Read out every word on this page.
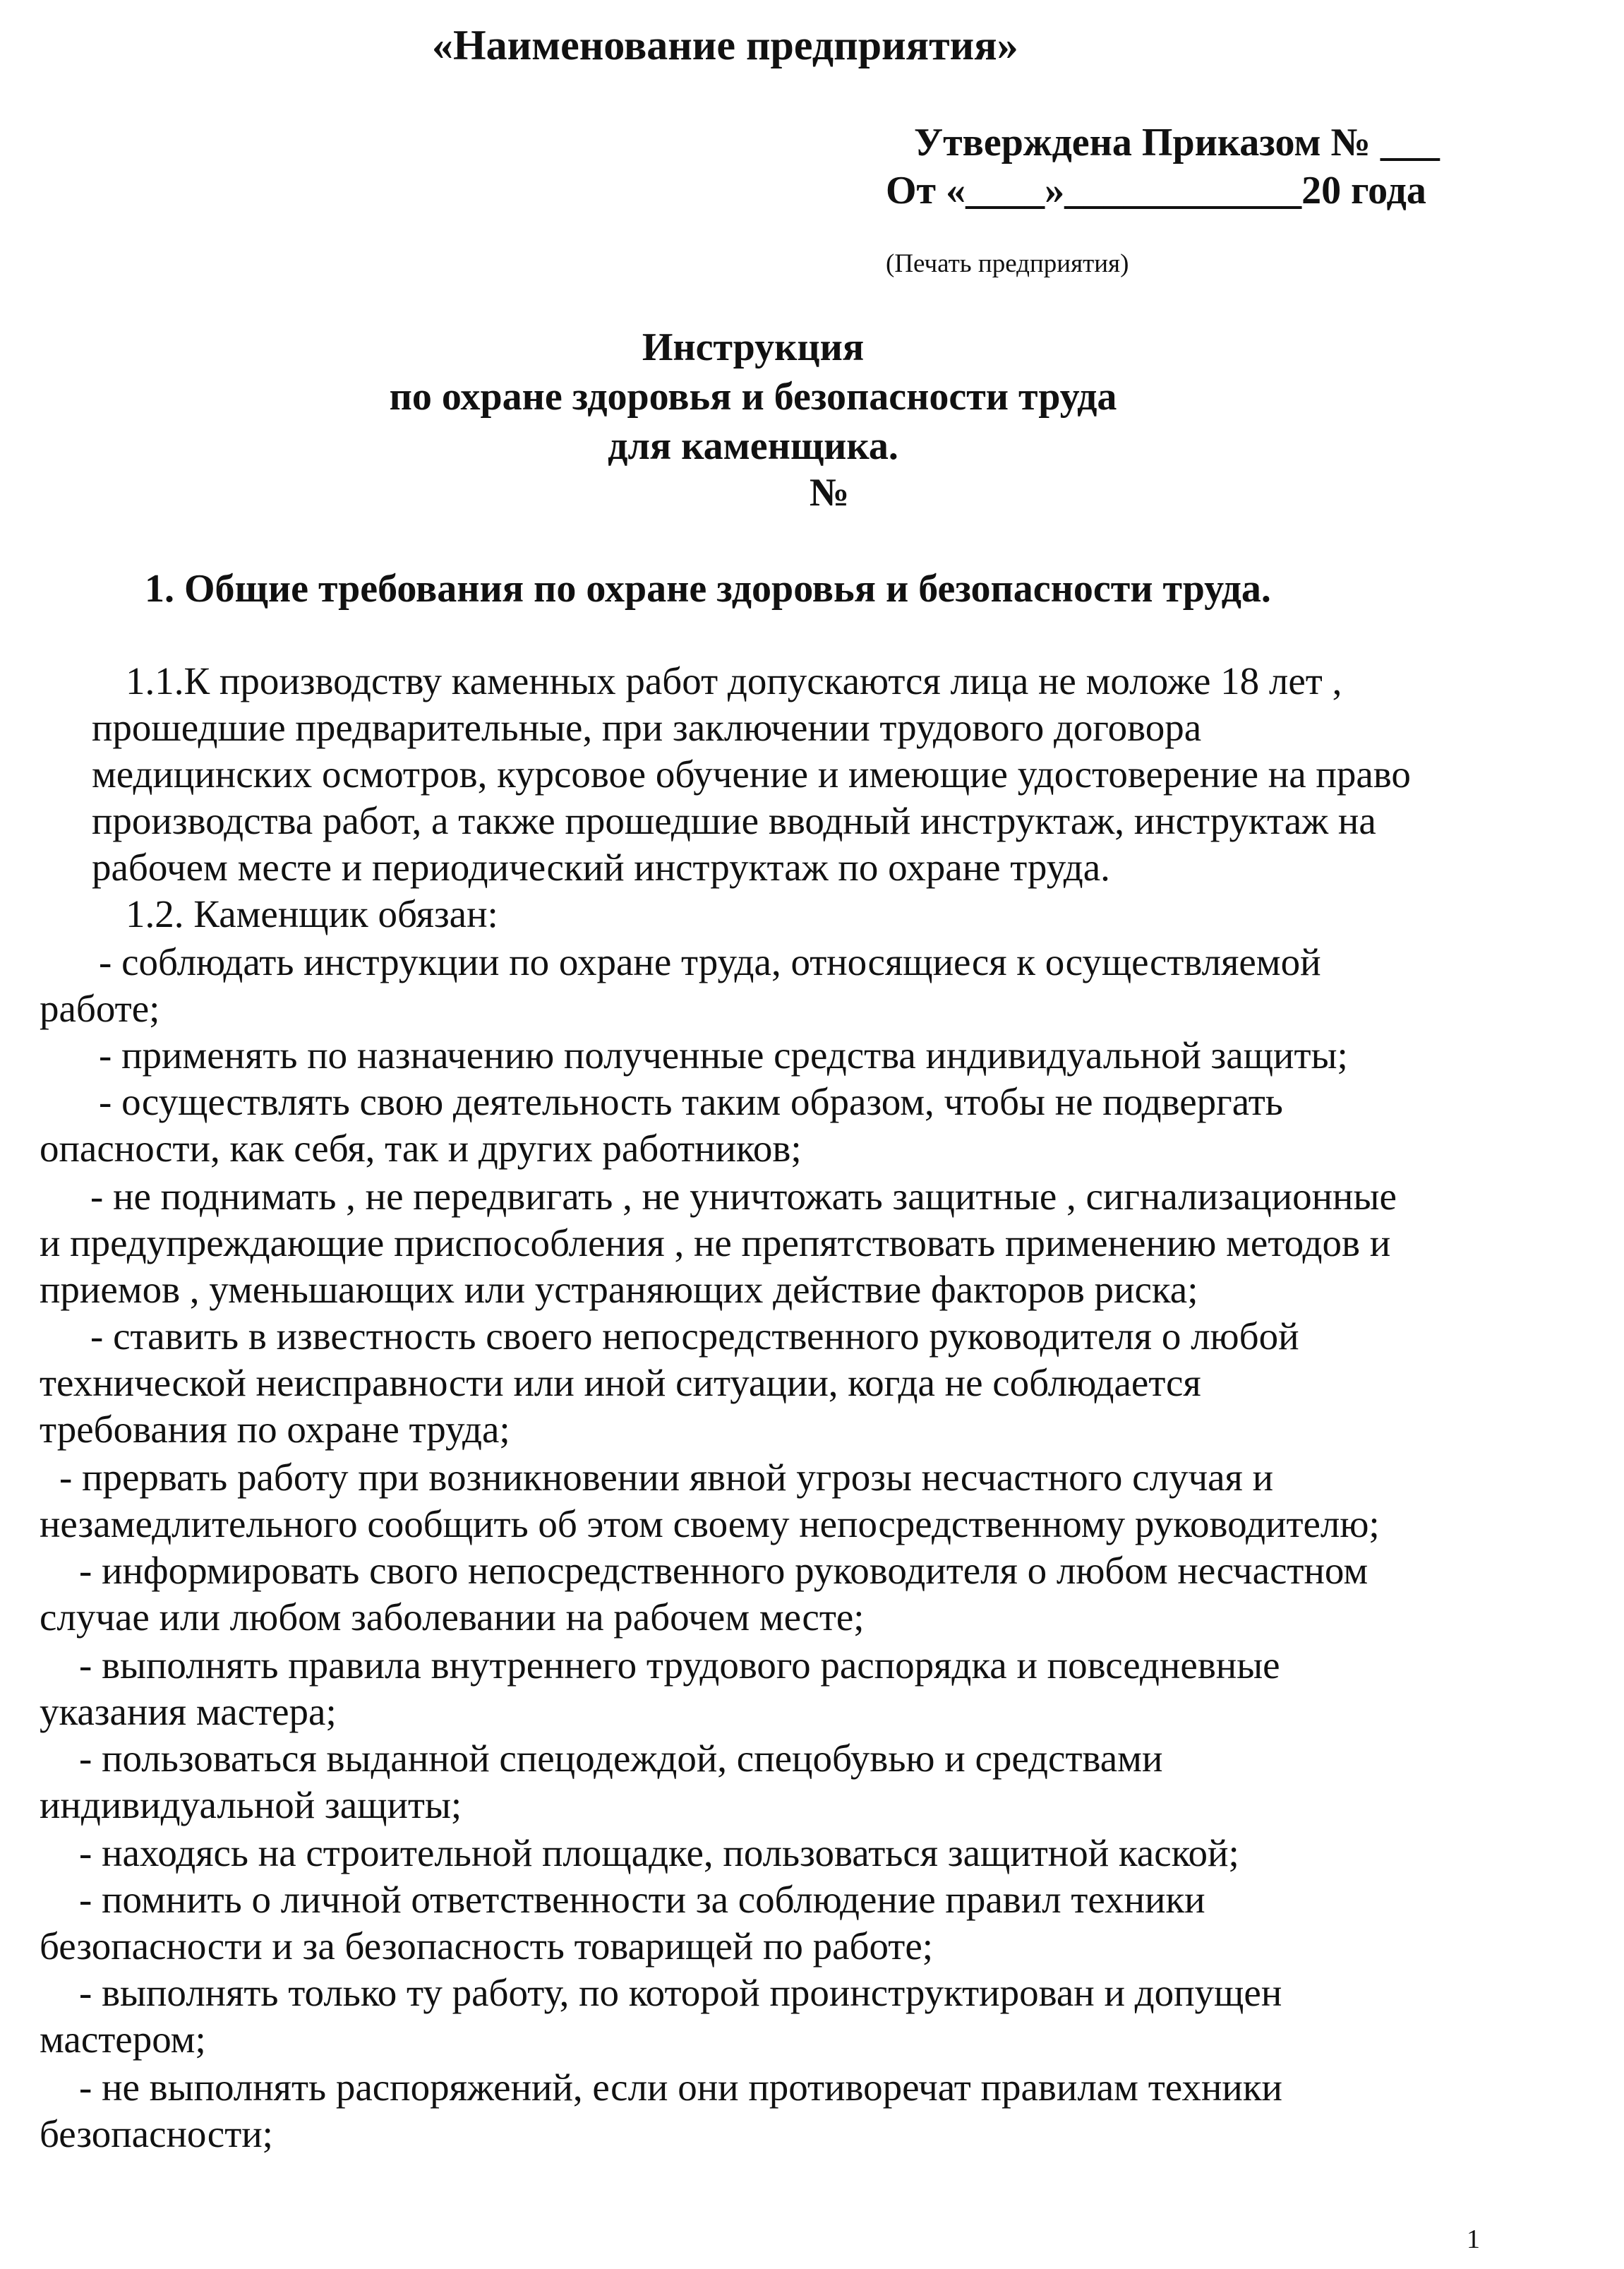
«Наименование предприятия»
Утверждена Приказом № ___
От «____»____________20 года
(Печать предприятия)
Инструкция
по охране здоровья и безопасности труда
для каменщика.
№
1. Общие требования по охране здоровья и безопасности труда.
1.1.К производству каменных работ допускаются лица не моложе 18 лет ,
прошедшие предварительные, при заключении трудового договора
медицинских осмотров, курсовое обучение и имеющие удостоверение на право
производства работ, а также прошедшие вводный инструктаж, инструктаж на
рабочем месте и периодический инструктаж по охране труда.
1.2. Каменщик обязан:
- соблюдать инструкции по охране труда, относящиеся к осуществляемой
работе;
- применять по назначению полученные средства индивидуальной защиты;
- осуществлять свою деятельность таким образом, чтобы не подвергать
опасности, как себя, так и других работников;
- не поднимать , не передвигать , не уничтожать защитные , сигнализационные
и предупреждающие приспособления , не препятствовать применению методов и
приемов , уменьшающих или устраняющих действие факторов риска;
- ставить в известность своего непосредственного руководителя о любой
технической неисправности или иной ситуации, когда не соблюдается
требования по охране труда;
- прервать работу при возникновении явной угрозы несчастного случая и
незамедлительного сообщить об этом своему непосредственному руководителю;
- информировать свого непосредственного руководителя о любом несчастном
случае или любом заболевании на рабочем месте;
- выполнять правила внутреннего трудового распорядка и повседневные
указания мастера;
- пользоваться выданной спецодеждой, спецобувью и средствами
индивидуальной защиты;
- находясь на строительной площадке, пользоваться защитной каской;
- помнить о личной ответственности за соблюдение правил техники
безопасности и за безопасность товарищей по работе;
- выполнять только ту работу, по которой проинструктирован и допущен
мастером;
- не выполнять распоряжений, если они противоречат правилам техники
безопасности;
1
